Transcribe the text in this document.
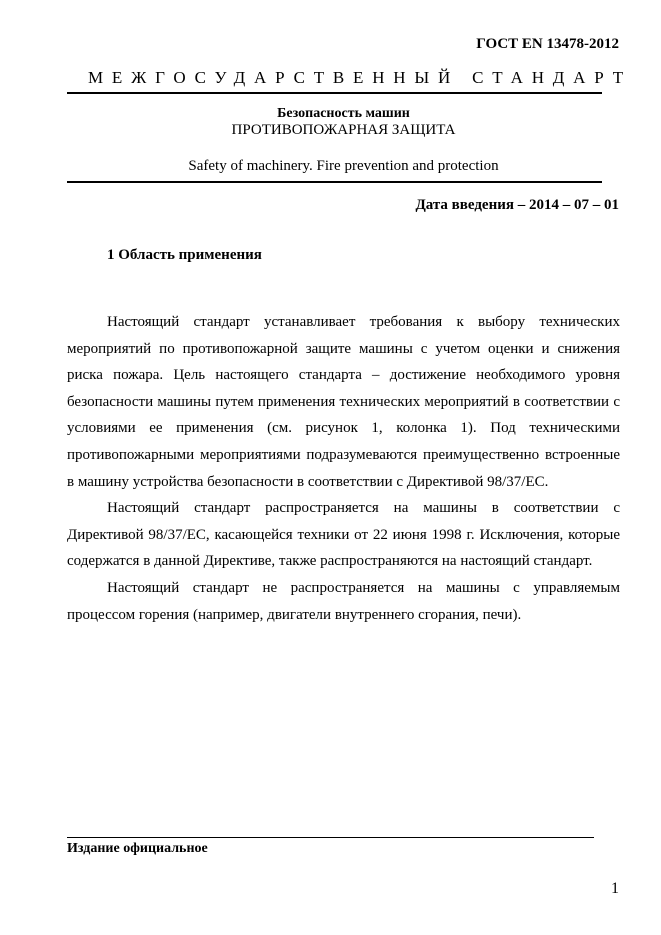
ГОСТ EN 13478-2012
МЕЖГОСУДАРСТВЕННЫЙ СТАНДАРТ
Безопасность машин
ПРОТИВОПОЖАРНАЯ ЗАЩИТА
Safety of machinery. Fire prevention and protection
Дата введения – 2014 – 07 – 01
1 Область применения

Настоящий стандарт устанавливает требования к выбору технических мероприятий по противопожарной защите машины с учетом оценки и снижения риска пожара. Цель настоящего стандарта – достижение необходимого уровня безопасности машины путем применения технических мероприятий в соответствии с условиями ее применения (см. рисунок 1, колонка 1). Под техническими противопожарными мероприятиями подразумеваются преимущественно встроенные в машину устройства безопасности в соответствии с Директивой 98/37/ЕС.

Настоящий стандарт распространяется на машины в соответствии с Директивой 98/37/ЕС, касающейся техники от 22 июня 1998 г. Исключения, которые содержатся в данной Директиве, также распространяются на настоящий стандарт.

Настоящий стандарт не распространяется на машины с управляемым процессом горения (например, двигатели внутреннего сгорания, печи).

Издание официальное
1
